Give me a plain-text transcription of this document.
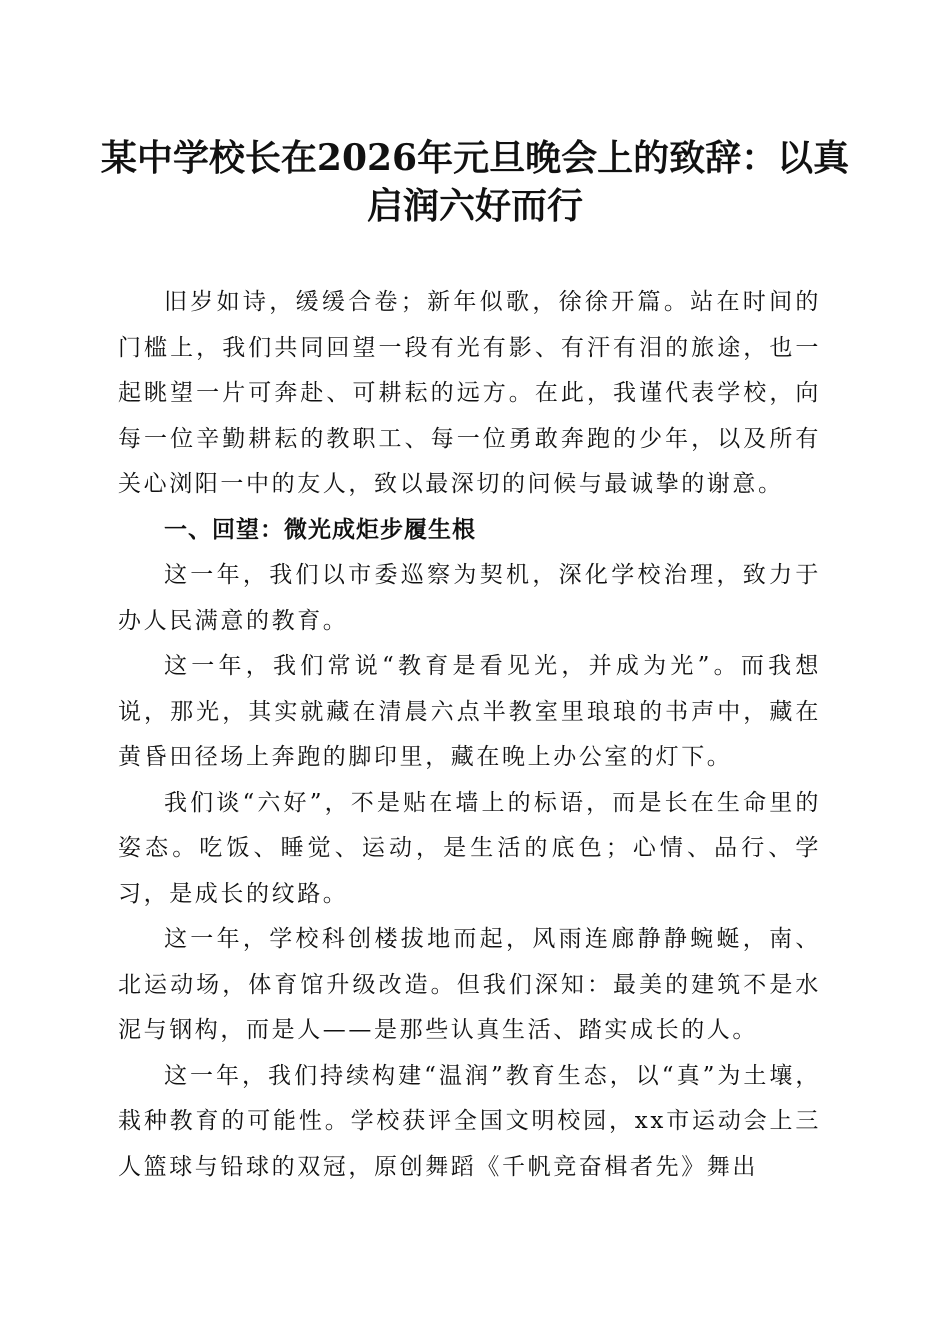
某中学校长在2026年元旦晚会上的致辞：以真启润六好而行

旧岁如诗，缓缓合卷；新年似歌，徐徐开篇。站在时间的门槛上，我们共同回望一段有光有影、有汗有泪的旅途，也一起眺望一片可奔赴、可耕耘的远方。在此，我谨代表学校，向每一位辛勤耕耘的教职工、每一位勇敢奔跑的少年，以及所有关心浏阳一中的友人，致以最深切的问候与最诚挚的谢意。

一、回望：微光成炬步履生根

这一年，我们以市委巡察为契机，深化学校治理，致力于办人民满意的教育。

这一年，我们常说“教育是看见光，并成为光”。而我想说，那光，其实就藏在清晨六点半教室里琅琅的书声中，藏在黄昏田径场上奔跑的脚印里，藏在晚上办公室的灯下。

我们谈“六好”，不是贴在墙上的标语，而是长在生命里的姿态。吃饭、睡觉、运动，是生活的底色；心情、品行、学习，是成长的纹路。

这一年，学校科创楼拔地而起，风雨连廊静静蜿蜒，南、北运动场，体育馆升级改造。但我们深知：最美的建筑不是水泥与钢构，而是人——是那些认真生活、踏实成长的人。

这一年，我们持续构建“温润”教育生态，以“真”为土壤，栽种教育的可能性。学校获评全国文明校园，xx市运动会上三人篮球与铅球的双冠，原创舞蹈《千帆竞奋楫者先》舞出
